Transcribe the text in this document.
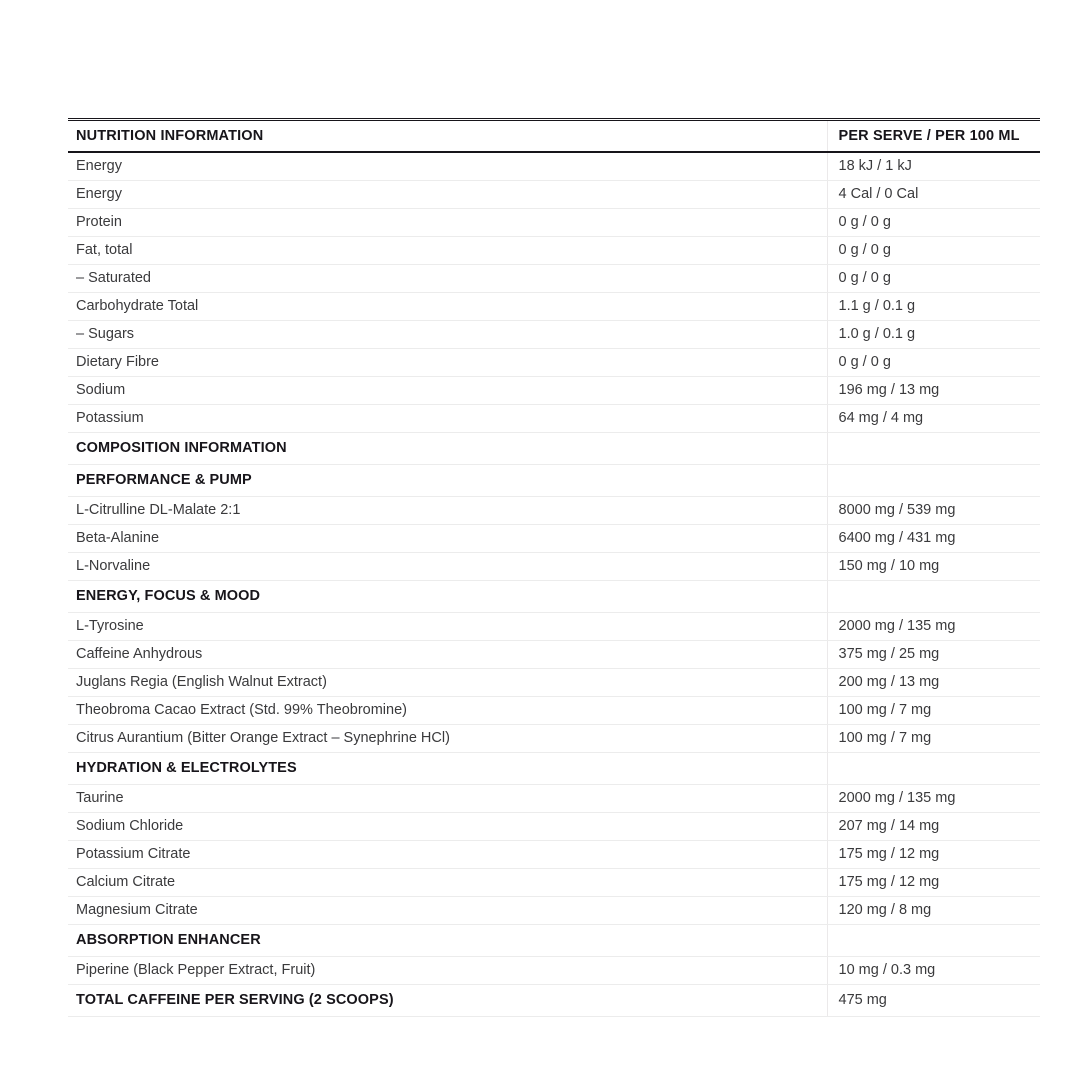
NUTRITION INFORMATION	PER SERVE / PER 100 ML
Energy	18 kJ / 1 kJ
Energy	4 Cal / 0 Cal
Protein	0 g / 0 g
Fat, total	0 g / 0 g
– Saturated	0 g / 0 g
Carbohydrate Total	1.1 g / 0.1 g
– Sugars	1.0 g / 0.1 g
Dietary Fibre	0 g / 0 g
Sodium	196 mg / 13 mg
Potassium	64 mg / 4 mg
COMPOSITION INFORMATION	
PERFORMANCE & PUMP	
L-Citrulline DL-Malate 2:1	8000 mg / 539 mg
Beta-Alanine	6400 mg / 431 mg
L-Norvaline	150 mg / 10 mg
ENERGY, FOCUS & MOOD	
L-Tyrosine	2000 mg / 135 mg
Caffeine Anhydrous	375 mg / 25 mg
Juglans Regia (English Walnut Extract)	200 mg / 13 mg
Theobroma Cacao Extract (Std. 99% Theobromine)	100 mg / 7 mg
Citrus Aurantium (Bitter Orange Extract – Synephrine HCl)	100 mg / 7 mg
HYDRATION & ELECTROLYTES	
Taurine	2000 mg / 135 mg
Sodium Chloride	207 mg / 14 mg
Potassium Citrate	175 mg / 12 mg
Calcium Citrate	175 mg / 12 mg
Magnesium Citrate	120 mg / 8 mg
ABSORPTION ENHANCER	
Piperine (Black Pepper Extract, Fruit)	10 mg / 0.3 mg
TOTAL CAFFEINE PER SERVING (2 SCOOPS)	475 mg
